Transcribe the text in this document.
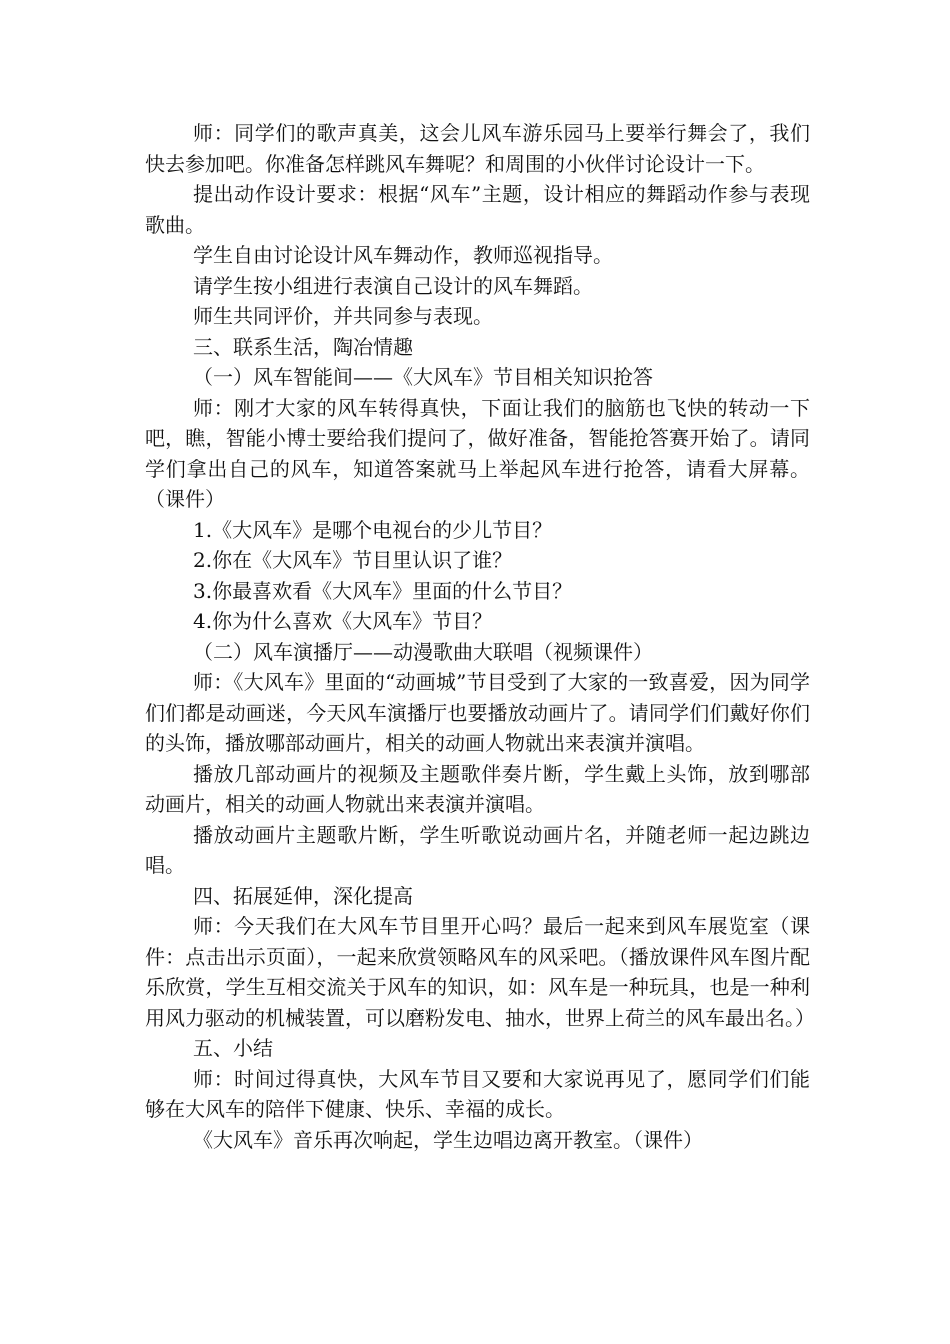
师：同学们的歌声真美，这会儿风车游乐园马上要举行舞会了，我们快去参加吧。你准备怎样跳风车舞呢？和周围的小伙伴讨论设计一下。

提出动作设计要求：根据“风车”主题，设计相应的舞蹈动作参与表现歌曲。

学生自由讨论设计风车舞动作，教师巡视指导。

请学生按小组进行表演自己设计的风车舞蹈。

师生共同评价，并共同参与表现。

三、联系生活，陶冶情趣

（一）风车智能间——《大风车》节目相关知识抢答

师：刚才大家的风车转得真快，下面让我们的脑筋也飞快的转动一下吧，瞧，智能小博士要给我们提问了，做好准备，智能抢答赛开始了。请同学们拿出自己的风车，知道答案就马上举起风车进行抢答，请看大屏幕。（课件）

1.《大风车》是哪个电视台的少儿节目？

2.你在《大风车》节目里认识了谁？

3.你最喜欢看《大风车》里面的什么节目？

4.你为什么喜欢《大风车》节目？

（二）风车演播厅——动漫歌曲大联唱（视频课件）

师：《大风车》里面的“动画城”节目受到了大家的一致喜爱，因为同学们们都是动画迷，今天风车演播厅也要播放动画片了。请同学们们戴好你们的头饰，播放哪部动画片，相关的动画人物就出来表演并演唱。

播放几部动画片的视频及主题歌伴奏片断，学生戴上头饰，放到哪部动画片，相关的动画人物就出来表演并演唱。

播放动画片主题歌片断，学生听歌说动画片名，并随老师一起边跳边唱。

四、拓展延伸，深化提高

师：今天我们在大风车节目里开心吗？最后一起来到风车展览室（课件：点击出示页面），一起来欣赏领略风车的风采吧。（播放课件风车图片配乐欣赏，学生互相交流关于风车的知识，如：风车是一种玩具，也是一种利用风力驱动的机械装置，可以磨粉发电、抽水，世界上荷兰的风车最出名。）

五、小结

师：时间过得真快，大风车节目又要和大家说再见了，愿同学们们能够在大风车的陪伴下健康、快乐、幸福的成长。

《大风车》音乐再次响起，学生边唱边离开教室。（课件）
